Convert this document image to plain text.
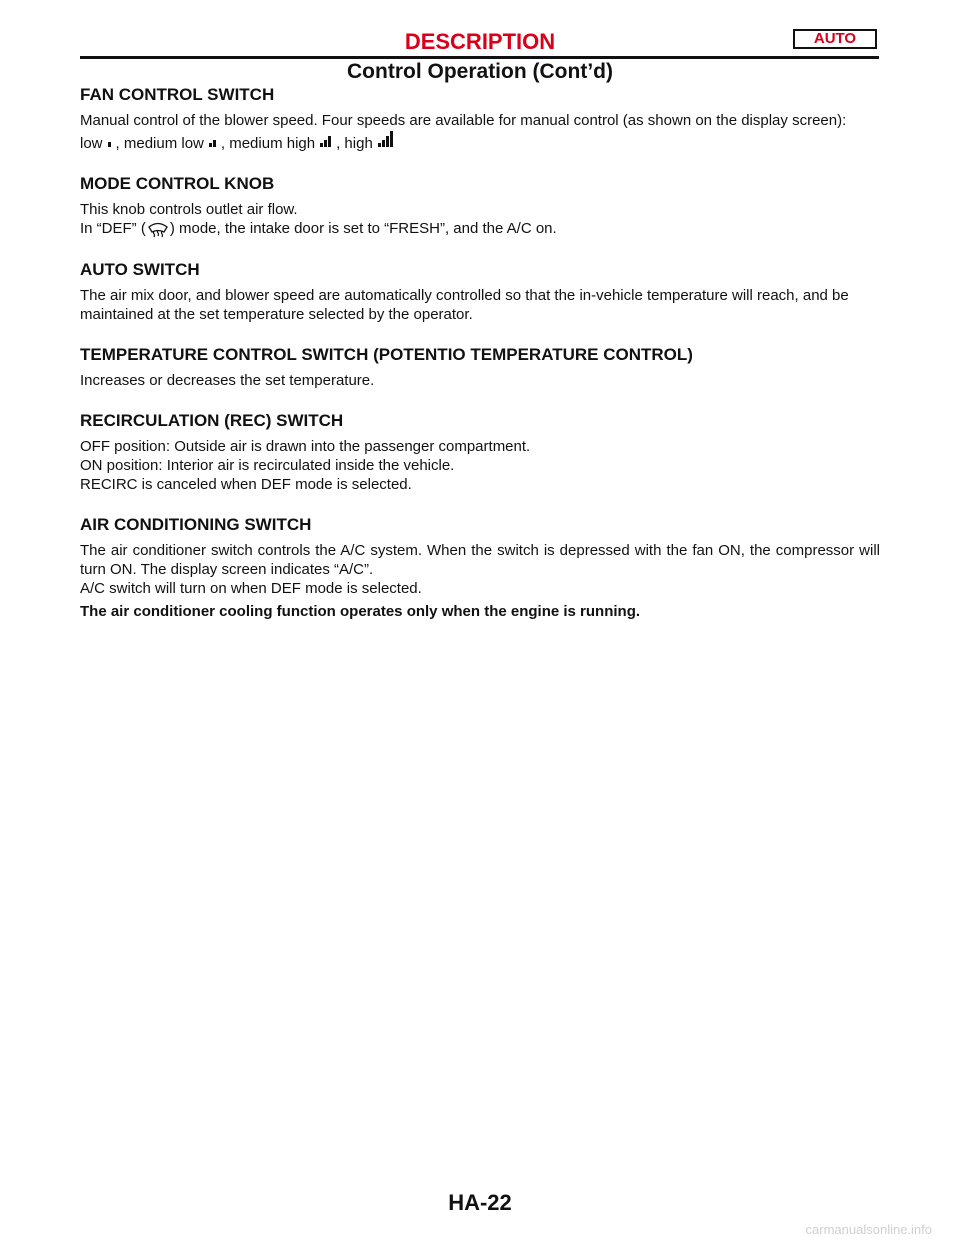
DESCRIPTION	AUTO
Control Operation (Cont’d)
FAN CONTROL SWITCH

Manual control of the blower speed. Four speeds are available for manual control (as shown on the display screen):
low , medium low , medium high , high

MODE CONTROL KNOB

This knob controls outlet air flow.
In “DEF” ( ) mode, the intake door is set to “FRESH”, and the A/C on.

AUTO SWITCH

The air mix door, and blower speed are automatically controlled so that the in-vehicle temperature will reach, and be maintained at the set temperature selected by the operator.

TEMPERATURE CONTROL SWITCH (POTENTIO TEMPERATURE CONTROL)

Increases or decreases the set temperature.

RECIRCULATION (REC) SWITCH

OFF position: Outside air is drawn into the passenger compartment.
ON position: Interior air is recirculated inside the vehicle.
RECIRC is canceled when DEF mode is selected.

AIR CONDITIONING SWITCH

The air conditioner switch controls the A/C system. When the switch is depressed with the fan ON, the compressor will turn ON. The display screen indicates “A/C”.
A/C switch will turn on when DEF mode is selected.

The air conditioner cooling function operates only when the engine is running.

HA-22
carmanualsonline.info
